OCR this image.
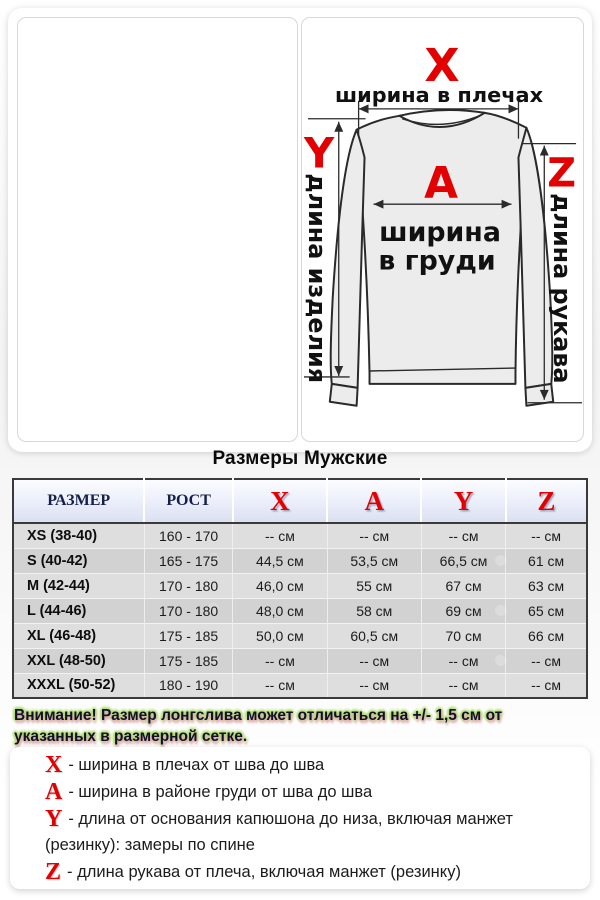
X
ширина в плечах
Y
длина изделия
Z
длина рукава
A
ширина
в груди
Размеры Мужские
РАЗМЕР	РОСТ	X	A	Y	Z
XS (38-40)	160 - 170	-- см	-- см	-- см	-- см
S (40-42)	165 - 175	44,5 см	53,5 см	66,5 см	61 см
M (42-44)	170 - 180	46,0 см	55 см	67 см	63 см
L (44-46)	170 - 180	48,0 см	58 см	69 см	65 см
XL (46-48)	175 - 185	50,0 см	60,5 см	70 см	66 см
XXL (48-50)	175 - 185	-- см	-- см	-- см	-- см
XXXL (50-52)	180 - 190	-- см	-- см	-- см	-- см
Внимание! Размер лонгслива может отличаться на +/- 1,5 см от указанных в размерной сетке.
X - ширина в плечах от шва до шва
A - ширина в районе груди от шва до шва
Y - длина от основания капюшона до низа, включая манжет (резинку): замеры по спине
Z - длина рукава от плеча, включая манжет (резинку)
